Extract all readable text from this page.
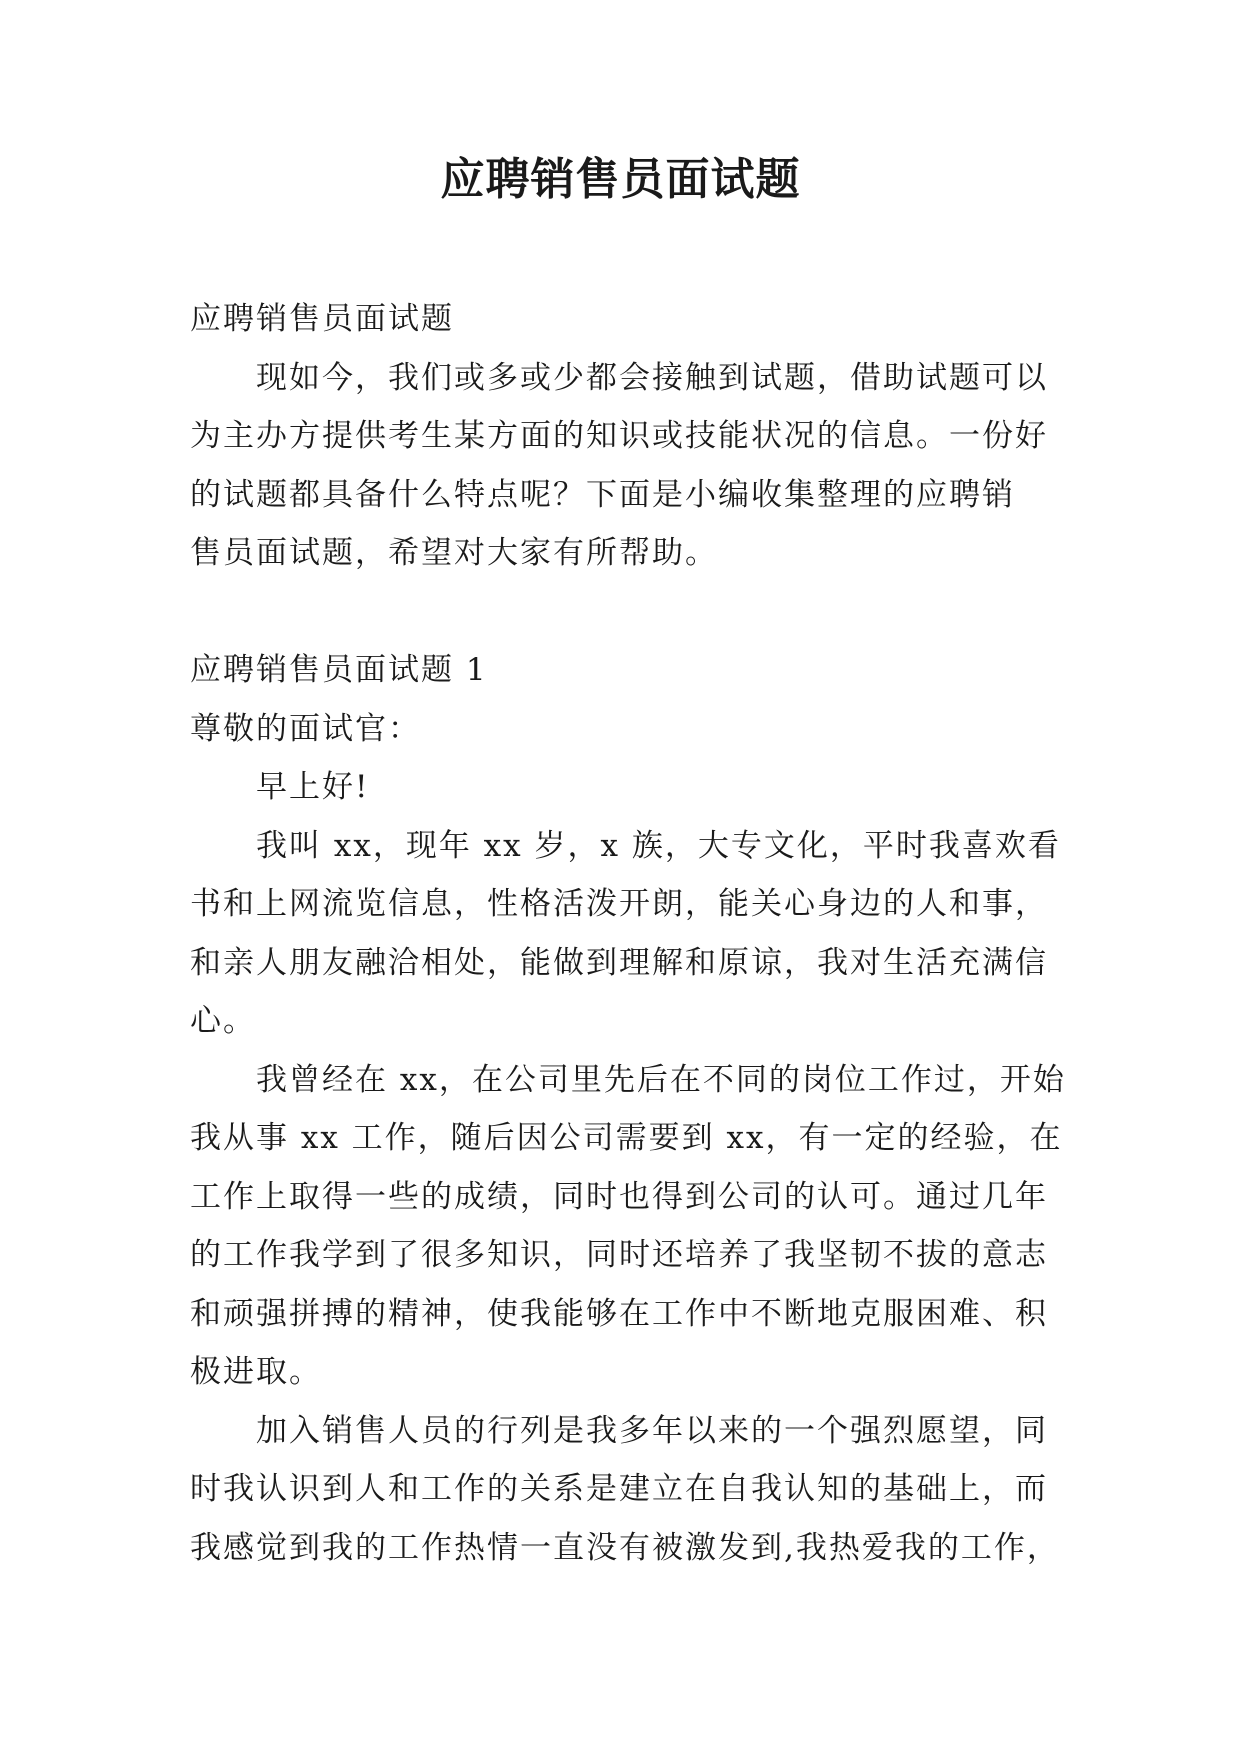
应聘销售员面试题

应聘销售员面试题

现如今，我们或多或少都会接触到试题，借助试题可以

为主办方提供考生某方面的知识或技能状况的信息。一份好

的试题都具备什么特点呢？下面是小编收集整理的应聘销

售员面试题，希望对大家有所帮助。

应聘销售员面试题 1

尊敬的面试官：

早上好!

我叫 xx，现年 xx 岁，x 族，大专文化，平时我喜欢看

书和上网流览信息，性格活泼开朗，能关心身边的人和事，

和亲人朋友融洽相处，能做到理解和原谅，我对生活充满信

心。

我曾经在 xx，在公司里先后在不同的岗位工作过，开始

我从事 xx 工作，随后因公司需要到 xx，有一定的经验，在

工作上取得一些的成绩，同时也得到公司的认可。通过几年

的工作我学到了很多知识，同时还培养了我坚韧不拔的意志

和顽强拼搏的精神，使我能够在工作中不断地克服困难、积

极进取。

加入销售人员的行列是我多年以来的一个强烈愿望，同

时我认识到人和工作的关系是建立在自我认知的基础上，而

我感觉到我的工作热情一直没有被激发到,我热爱我的工作，
